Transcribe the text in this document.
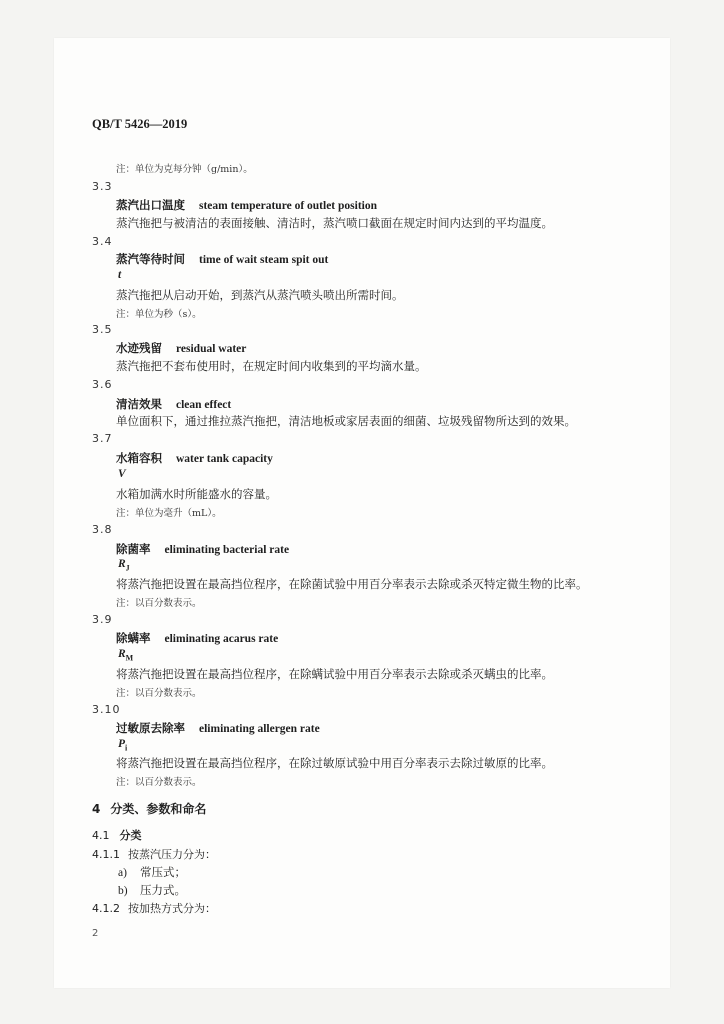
QB/T 5426—2019
注：单位为克每分钟（g/min）。
3.3
蒸汽出口温度 steam temperature of outlet position
蒸汽拖把与被清洁的表面接触、清洁时，蒸汽喷口截面在规定时间内达到的平均温度。
3.4
蒸汽等待时间 time of wait steam spit out
t
蒸汽拖把从启动开始，到蒸汽从蒸汽喷头喷出所需时间。
注：单位为秒（s）。
3.5
水迹残留 residual water
蒸汽拖把不套布使用时，在规定时间内收集到的平均滴水量。
3.6
清洁效果 clean effect
单位面积下，通过推拉蒸汽拖把，清洁地板或家居表面的细菌、垃圾残留物所达到的效果。
3.7
水箱容积 water tank capacity
V
水箱加满水时所能盛水的容量。
注：单位为毫升（mL）。
3.8
除菌率 eliminating bacterial rate
$R_J$
将蒸汽拖把设置在最高挡位程序，在除菌试验中用百分率表示去除或杀灭特定微生物的比率。
注：以百分数表示。
3.9
除螨率 eliminating acarus rate
$R_M$
将蒸汽拖把设置在最高挡位程序，在除螨试验中用百分率表示去除或杀灭螨虫的比率。
注：以百分数表示。
3.10
过敏原去除率 eliminating allergen rate
$P_i$
将蒸汽拖把设置在最高挡位程序，在除过敏原试验中用百分率表示去除过敏原的比率。
注：以百分数表示。
4 分类、参数和命名
4.1 分类
4.1.1 按蒸汽压力分为：
a) 常压式；
b) 压力式。
4.1.2 按加热方式分为：
2
